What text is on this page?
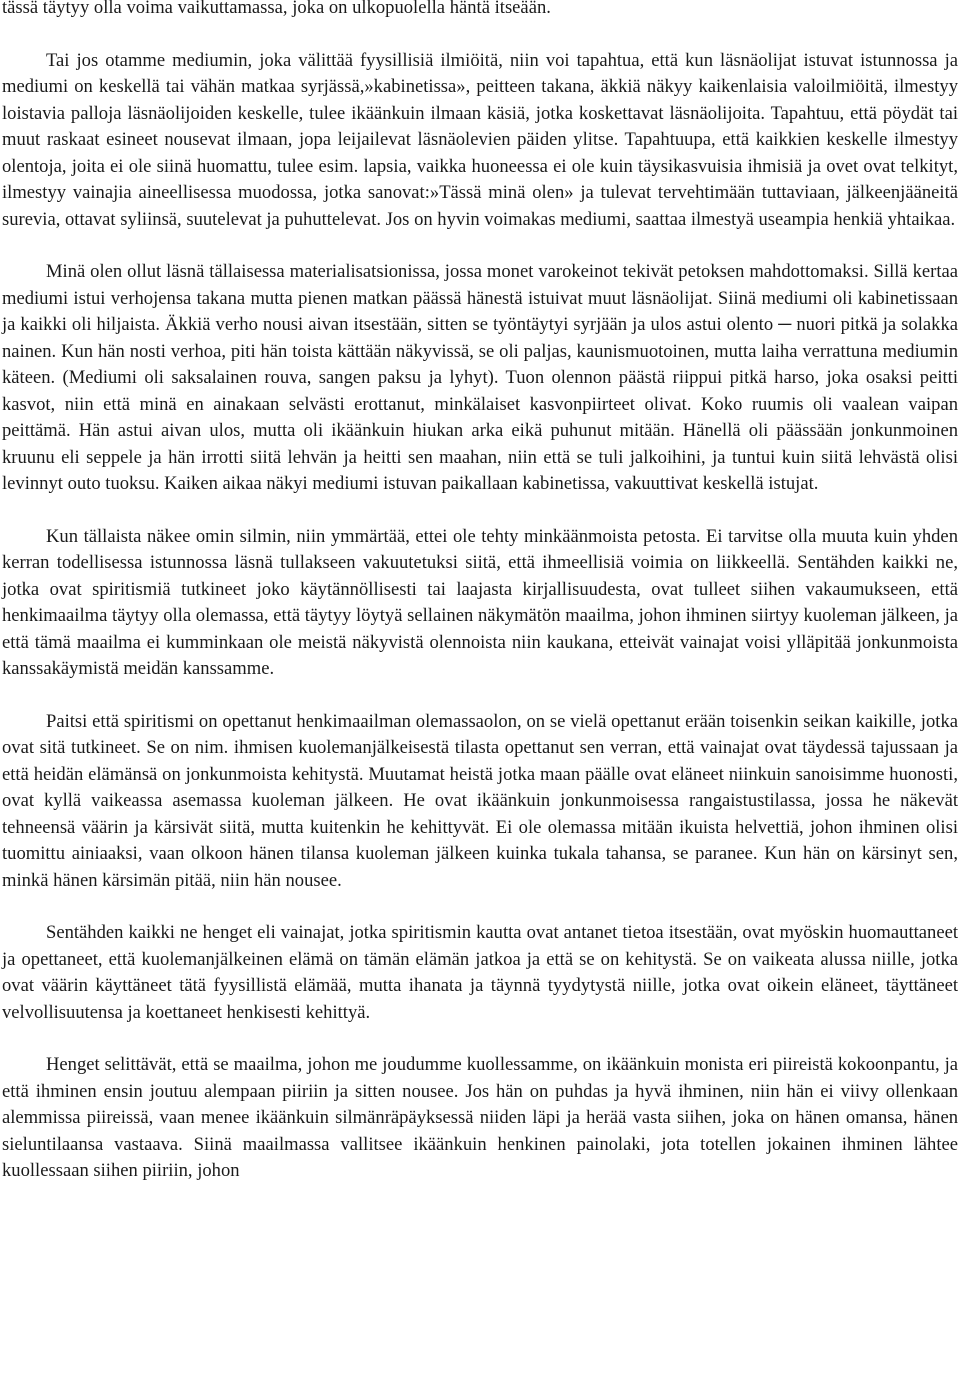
tässä täytyy olla voima vaikuttamassa, joka on ulkopuolella häntä itseään.

Tai jos otamme mediumin, joka välittää fyysillisiä ilmiöitä, niin voi tapahtua, että kun läsnäolijat istuvat istunnossa ja mediumi on keskellä tai vähän matkaa syrjässä,»kabinetissa», peitteen takana, äkkiä näkyy kaikenlaisia valoilmiöitä, ilmestyy loistavia palloja läsnäolijoiden keskelle, tulee ikäänkuin ilmaan käsiä, jotka koskettavat läsnäolijoita. Tapahtuu, että pöydät tai muut raskaat esineet nousevat ilmaan, jopa leijailevat läsnäolevien päiden ylitse. Tapahtuupa, että kaikkien keskelle ilmestyy olentoja, joita ei ole siinä huomattu, tulee esim. lapsia, vaikka huoneessa ei ole kuin täysikasvuisia ihmisiä ja ovet ovat telkityt, ilmestyy vainajia aineellisessa muodossa, jotka sanovat:»Tässä minä olen» ja tulevat tervehtimään tuttaviaan, jälkeenjääneitä surevia, ottavat syliinsä, suutelevat ja puhuttelevat. Jos on hyvin voimakas mediumi, saattaa ilmestyä useampia henkiä yhtaikaa.

Minä olen ollut läsnä tällaisessa materialisatsionissa, jossa monet varokeinot tekivät petoksen mahdottomaksi. Sillä kertaa mediumi istui verhojensa takana mutta pienen matkan päässä hänestä istuivat muut läsnäolijat. Siinä mediumi oli kabinetissaan ja kaikki oli hiljaista. Äkkiä verho nousi aivan itsestään, sitten se työntäytyi syrjään ja ulos astui olento ─ nuori pitkä ja solakka nainen. Kun hän nosti verhoa, piti hän toista kättään näkyvissä, se oli paljas, kaunismuotoinen, mutta laiha verrattuna mediumin käteen. (Mediumi oli saksalainen rouva, sangen paksu ja lyhyt). Tuon olennon päästä riippui pitkä harso, joka osaksi peitti kasvot, niin että minä en ainakaan selvästi erottanut, minkälaiset kasvonpiirteet olivat. Koko ruumis oli vaalean vaipan peittämä. Hän astui aivan ulos, mutta oli ikäänkuin hiukan arka eikä puhunut mitään. Hänellä oli päässään jonkunmoinen kruunu eli seppele ja hän irrotti siitä lehvän ja heitti sen maahan, niin että se tuli jalkoihini, ja tuntui kuin siitä lehvästä olisi levinnyt outo tuoksu. Kaiken aikaa näkyi mediumi istuvan paikallaan kabinetissa, vakuuttivat keskellä istujat.

Kun tällaista näkee omin silmin, niin ymmärtää, ettei ole tehty minkäänmoista petosta. Ei tarvitse olla muuta kuin yhden kerran todellisessa istunnossa läsnä tullakseen vakuutetuksi siitä, että ihmeellisiä voimia on liikkeellä. Sentähden kaikki ne, jotka ovat spiritismiä tutkineet joko käytännöllisesti tai laajasta kirjallisuudesta, ovat tulleet siihen vakaumukseen, että henkimaailma täytyy olla olemassa, että täytyy löytyä sellainen näkymätön maailma, johon ihminen siirtyy kuoleman jälkeen, ja että tämä maailma ei kumminkaan ole meistä näkyvistä olennoista niin kaukana, etteivät vainajat voisi ylläpitää jonkunmoista kanssakäymistä meidän kanssamme.

Paitsi että spiritismi on opettanut henkimaailman olemassaolon, on se vielä opettanut erään toisenkin seikan kaikille, jotka ovat sitä tutkineet. Se on nim. ihmisen kuolemanjälkeisestä tilasta opettanut sen verran, että vainajat ovat täydessä tajussaan ja että heidän elämänsä on jonkunmoista kehitystä. Muutamat heistä jotka maan päälle ovat eläneet niinkuin sanoisimme huonosti, ovat kyllä vaikeassa asemassa kuoleman jälkeen. He ovat ikäänkuin jonkunmoisessa rangaistustilassa, jossa he näkevät tehneensä väärin ja kärsivät siitä, mutta kuitenkin he kehittyvät. Ei ole olemassa mitään ikuista helvettiä, johon ihminen olisi tuomittu ainiaaksi, vaan olkoon hänen tilansa kuoleman jälkeen kuinka tukala tahansa, se paranee. Kun hän on kärsinyt sen, minkä hänen kärsimän pitää, niin hän nousee.

Sentähden kaikki ne henget eli vainajat, jotka spiritismin kautta ovat antanet tietoa itsestään, ovat myöskin huomauttaneet ja opettaneet, että kuolemanjälkeinen elämä on tämän elämän jatkoa ja että se on kehitystä. Se on vaikeata alussa niille, jotka ovat väärin käyttäneet tätä fyysillistä elämää, mutta ihanata ja täynnä tyydytystä niille, jotka ovat oikein eläneet, täyttäneet velvollisuutensa ja koettaneet henkisesti kehittyä.

Henget selittävät, että se maailma, johon me joudumme kuollessamme, on ikäänkuin monista eri piireistä kokoonpantu, ja että ihminen ensin joutuu alempaan piiriin ja sitten nousee. Jos hän on puhdas ja hyvä ihminen, niin hän ei viivy ollenkaan alemmissa piireissä, vaan menee ikäänkuin silmänräpäyksessä niiden läpi ja herää vasta siihen, joka on hänen omansa, hänen sieluntilaansa vastaava. Siinä maailmassa vallitsee ikäänkuin henkinen painolaki, jota totellen jokainen ihminen lähtee kuollessaan siihen piiriin, johon
